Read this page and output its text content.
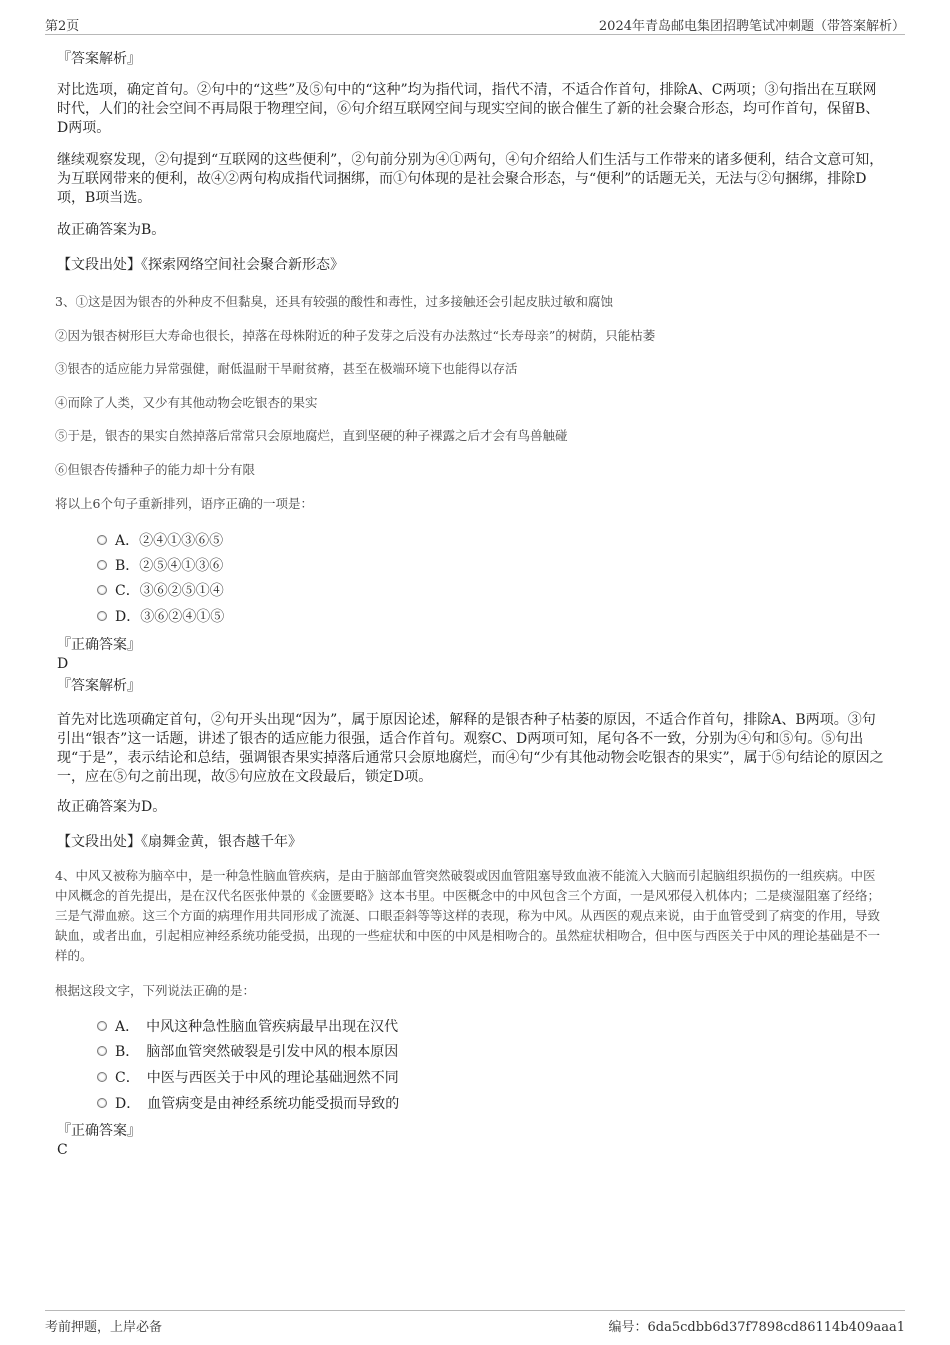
第2页	2024年青岛邮电集团招聘笔试冲刺题（带答案解析）

『答案解析』

对比选项，确定首句。②句中的“这些”及⑤句中的“这种”均为指代词，指代不清，不适合作首句，排除A、C两项；③句指出在互联网时代，人们的社会空间不再局限于物理空间，⑥句介绍互联网空间与现实空间的嵌合催生了新的社会聚合形态，均可作首句，保留B、D两项。

继续观察发现，②句提到“互联网的这些便利”，②句前分别为④①两句，④句介绍给人们生活与工作带来的诸多便利，结合文意可知，为互联网带来的便利，故④②两句构成指代词捆绑，而①句体现的是社会聚合形态，与“便利”的话题无关，无法与②句捆绑，排除D项，B项当选。

故正确答案为B。

【文段出处】《探索网络空间社会聚合新形态》

3、①这是因为银杏的外种皮不但黏臭，还具有较强的酸性和毒性，过多接触还会引起皮肤过敏和腐蚀

②因为银杏树形巨大寿命也很长，掉落在母株附近的种子发芽之后没有办法熬过“长寿母亲”的树荫，只能枯萎

③银杏的适应能力异常强健，耐低温耐干旱耐贫瘠，甚至在极端环境下也能得以存活

④而除了人类，又少有其他动物会吃银杏的果实

⑤于是，银杏的果实自然掉落后常常只会原地腐烂，直到坚硬的种子裸露之后才会有鸟兽触碰

⑥但银杏传播种子的能力却十分有限

将以上6个句子重新排列，语序正确的一项是：

A．②④①③⑥⑤
B．②⑤④①③⑥
C．③⑥②⑤①④
D．③⑥②④①⑤

『正确答案』

D

『答案解析』

首先对比选项确定首句，②句开头出现“因为”，属于原因论述，解释的是银杏种子枯萎的原因，不适合作首句，排除A、B两项。③句引出“银杏”这一话题，讲述了银杏的适应能力很强，适合作首句。观察C、D两项可知，尾句各不一致，分别为④句和⑤句。⑤句出现“于是”，表示结论和总结，强调银杏果实掉落后通常只会原地腐烂，而④句“少有其他动物会吃银杏的果实”，属于⑤句结论的原因之一，应在⑤句之前出现，故⑤句应放在文段最后，锁定D项。

故正确答案为D。

【文段出处】《扇舞金黄，银杏越千年》

4、中风又被称为脑卒中，是一种急性脑血管疾病，是由于脑部血管突然破裂或因血管阻塞导致血液不能流入大脑而引起脑组织损伤的一组疾病。中医中风概念的首先提出，是在汉代名医张仲景的《金匮要略》这本书里。中医概念中的中风包含三个方面，一是风邪侵入机体内；二是痰湿阻塞了经络；三是气滞血瘀。这三个方面的病理作用共同形成了流涎、口眼歪斜等等这样的表现，称为中风。从西医的观点来说，由于血管受到了病变的作用，导致缺血，或者出血，引起相应神经系统功能受损，出现的一些症状和中医的中风是相吻合的。虽然症状相吻合，但中医与西医关于中风的理论基础是不一样的。

根据这段文字，下列说法正确的是：

A．　中风这种急性脑血管疾病最早出现在汉代
B．　脑部血管突然破裂是引发中风的根本原因
C．　中医与西医关于中风的理论基础迥然不同
D．　血管病变是由神经系统功能受损而导致的

『正确答案』

C

考前押题，上岸必备	编号：6da5cdbb6d37f7898cd86114b409aaa1
